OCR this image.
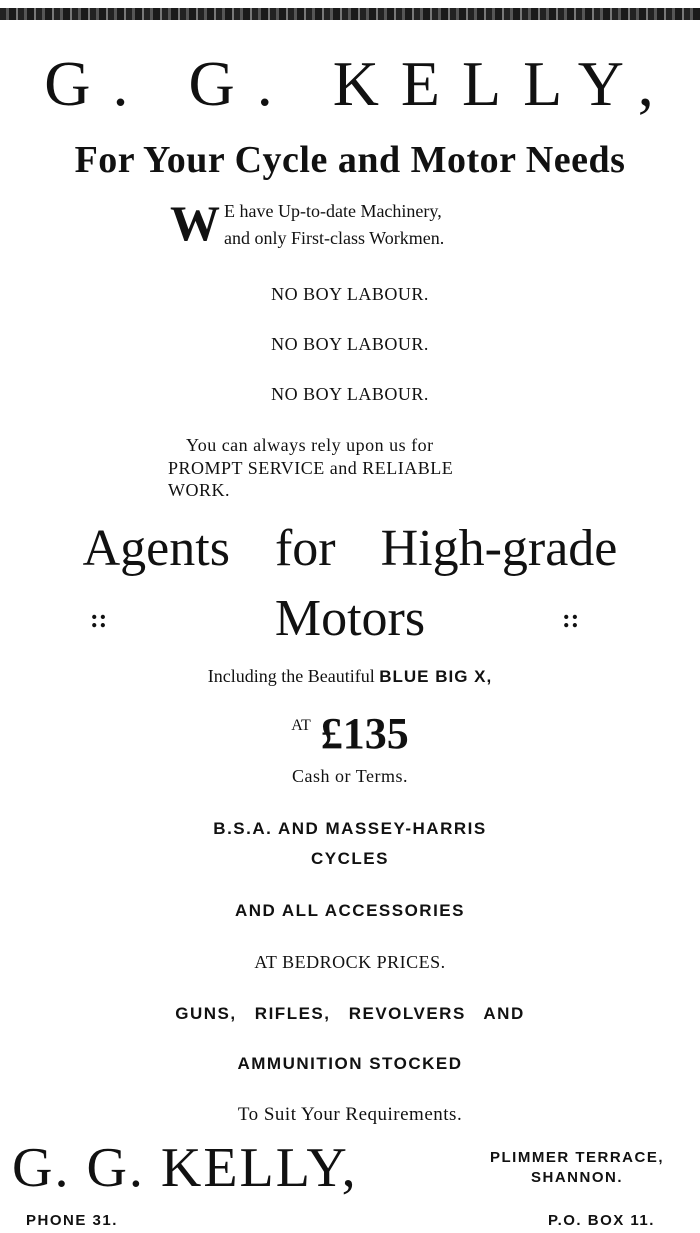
G. G. KELLY,
For Your Cycle and Motor Needs
W E have Up-to-date Machinery,
and only First-class Workmen.
NO BOY LABOUR.
NO BOY LABOUR.
NO BOY LABOUR.
You can always rely upon us for
PROMPT SERVICE and RELIABLE
WORK.
Agents for High-grade
::	Motors	::
Including the Beautiful BLUE BIG X,
AT £135
Cash or Terms.
B.S.A. AND MASSEY-HARRIS
CYCLES
AND ALL ACCESSORIES
AT BEDROCK PRICES.
GUNS, RIFLES, REVOLVERS AND
AMMUNITION STOCKED
To Suit Your Requirements.
G. G. KELLY,	PLIMMER TERRACE,
SHANNON.
PHONE 31.	P.O. BOX 11.
